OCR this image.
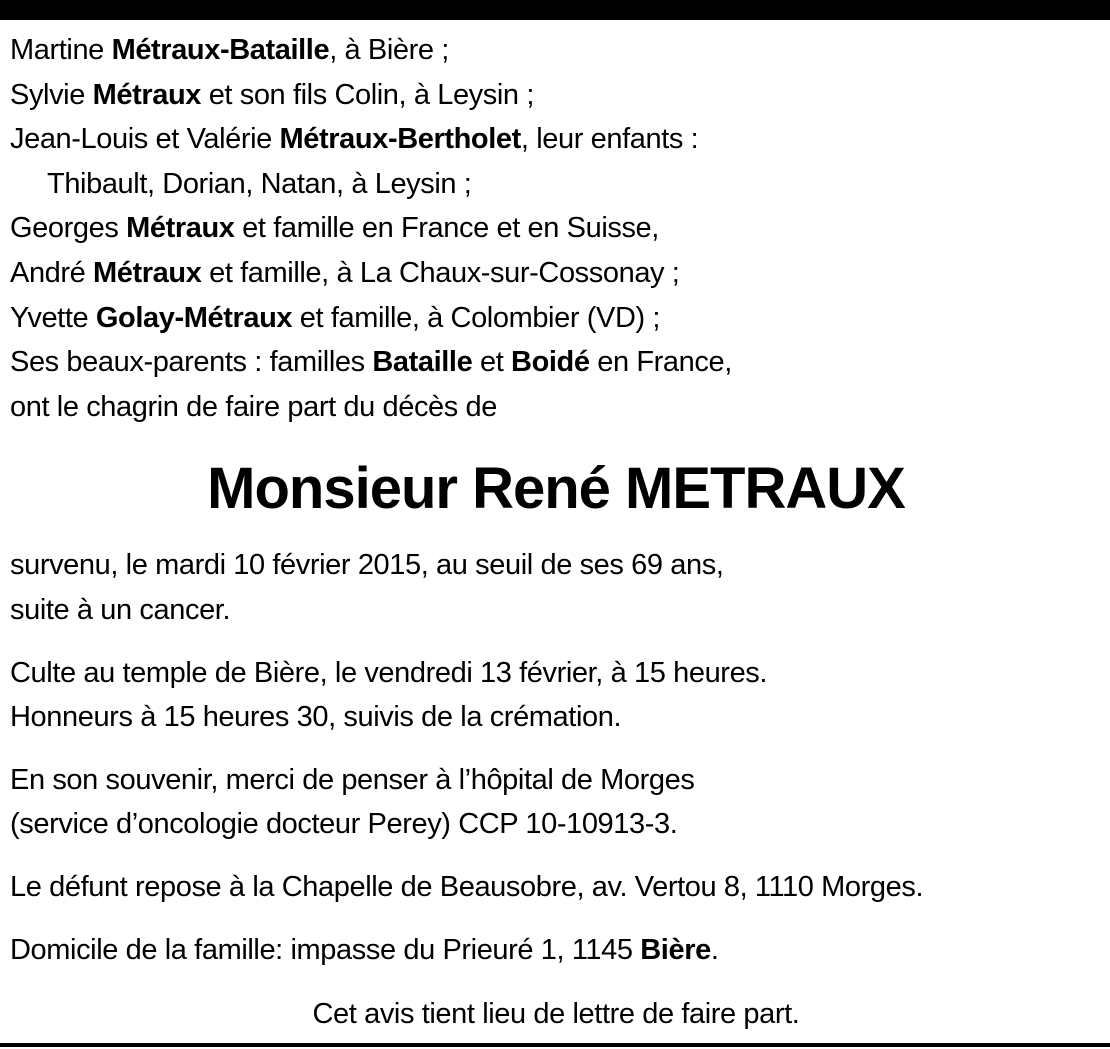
Martine Métraux-Bataille, à Bière ;

Sylvie Métraux et son fils Colin, à Leysin ;

Jean-Louis et Valérie Métraux-Bertholet, leur enfants :

Thibault, Dorian, Natan, à Leysin ;

Georges Métraux et famille en France et en Suisse,

André Métraux et famille, à La Chaux-sur-Cossonay ;

Yvette Golay-Métraux et famille, à Colombier (VD) ;

Ses beaux-parents : familles Bataille et Boidé en France,

ont le chagrin de faire part du décès de

Monsieur René METRAUX

survenu, le mardi 10 février 2015, au seuil de ses 69 ans,

suite à un cancer.

Culte au temple de Bière, le vendredi 13 février, à 15 heures.

Honneurs à 15 heures 30, suivis de la crémation.

En son souvenir, merci de penser à l’hôpital de Morges

(service d’oncologie docteur Perey) CCP 10-10913-3.

Le défunt repose à la Chapelle de Beausobre, av. Vertou 8, 1110 Morges.

Domicile de la famille: impasse du Prieuré 1, 1145 Bière.

Cet avis tient lieu de lettre de faire part.
